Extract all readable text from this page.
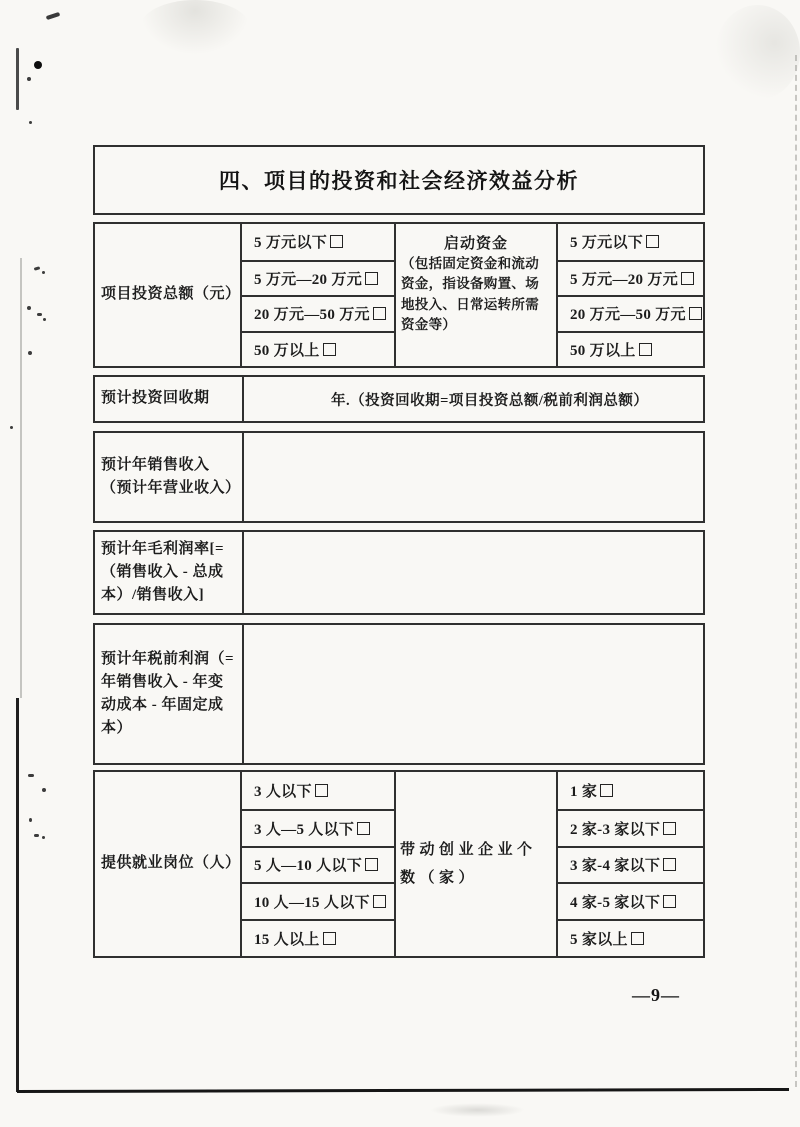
四、项目的投资和社会经济效益分析
项目投资总额（元）
5 万元以下
5 万元—20 万元
20 万元—50 万元
50 万以上
启动资金
（包括固定资金和流动资金，指设备购置、场地投入、日常运转所需资金等）
5 万元以下
5 万元—20 万元
20 万元—50 万元
50 万以上
预计投资回收期	年.（投资回收期=项目投资总额/税前利润总额）
预计年销售收入（预计年营业收入）
预计年毛利润率[=（销售收入 - 总成本）/销售收入]
预计年税前利润（=年销售收入 - 年变动成本 - 年固定成本）
提供就业岗位（人）
3 人以下
3 人—5 人以下
5 人—10 人以下
10 人—15 人以下
15 人以上
带动创业企业个数（家）
1 家
2 家-3 家以下
3 家-4 家以下
4 家-5 家以下
5 家以上
—9—
